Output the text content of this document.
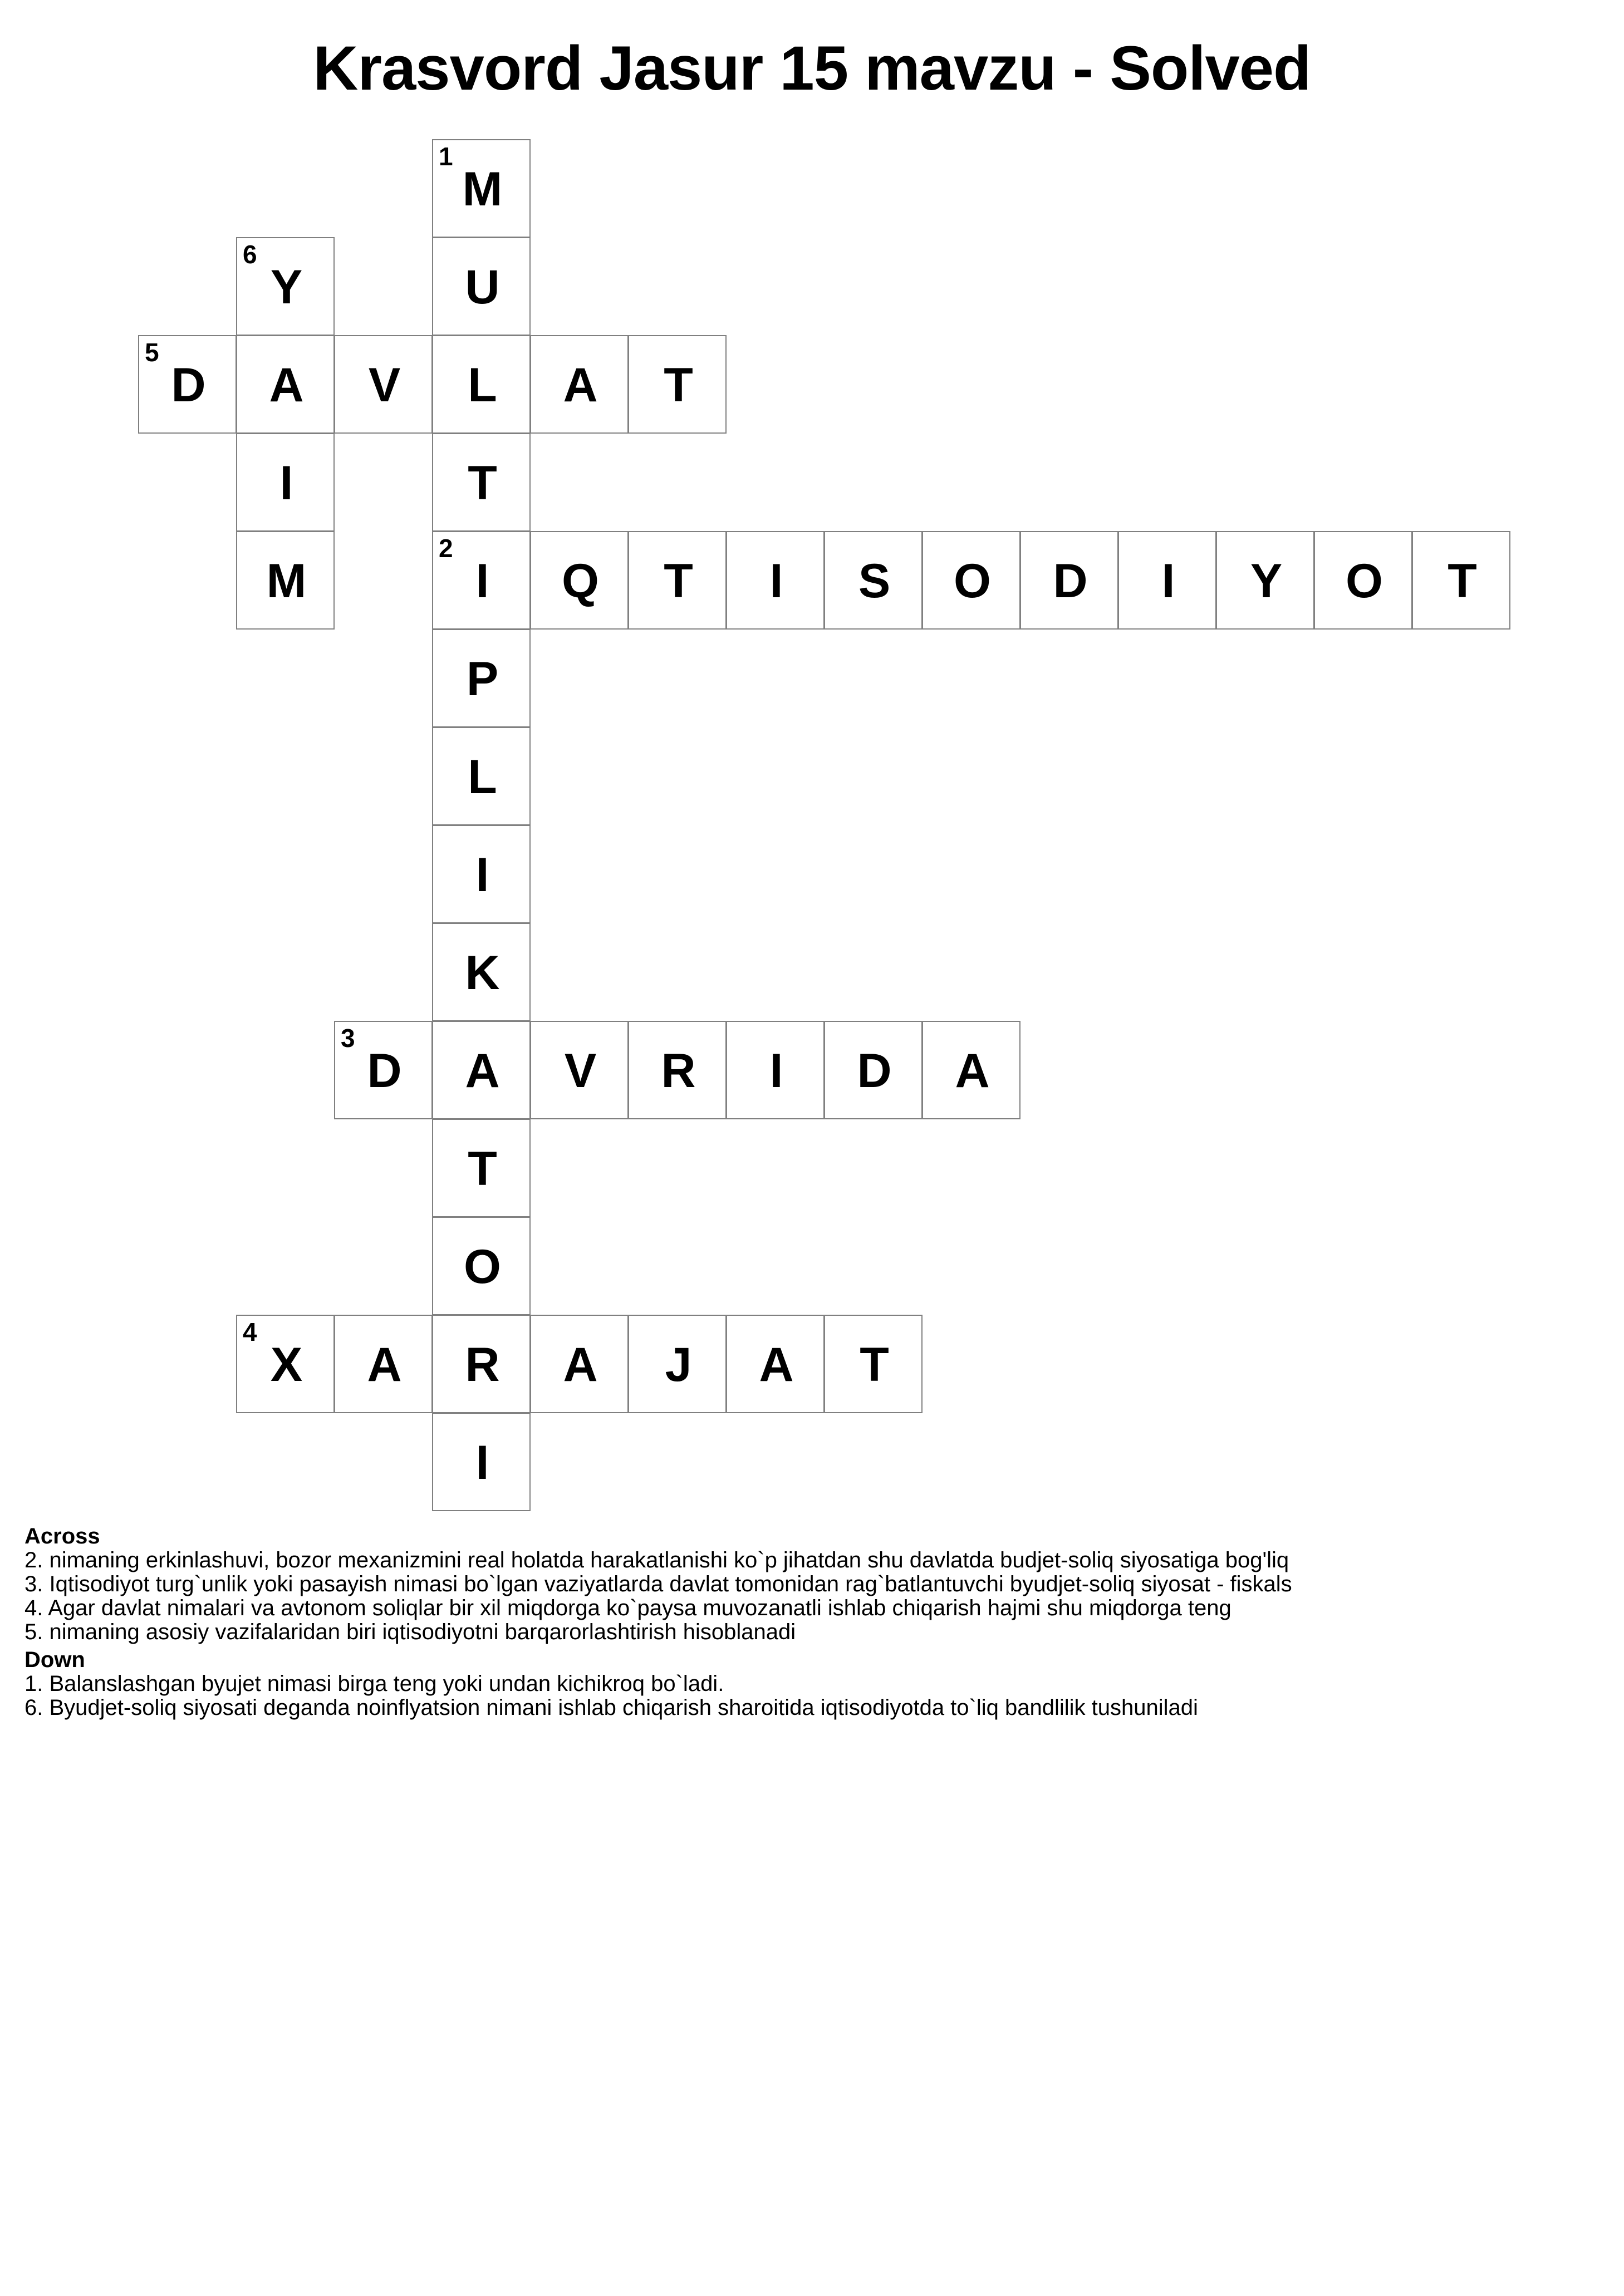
Krasvord Jasur 15 mavzu - Solved
1
M
U
L
T
2
I
P
L
I
K
A
T
O
R
I
Q	T	I	S	O	D	I	Y	O	T
3
D	V	R	I	D	A
4
X	A	A	J	A	T
5
D	A	V	A	T
6
Y
I
M
Across
2. nimaning erkinlashuvi, bozor mexanizmini real holatda harakatlanishi ko`p jihatdan shu davlatda budjet-soliq siyosatiga bog'liq
3. Iqtisodiyot turg`unlik yoki pasayish nimasi bo`lgan vaziyatlarda davlat tomonidan rag`batlantuvchi byudjet-soliq siyosat - fiskals
4. Agar davlat nimalari va avtonom soliqlar bir xil miqdorga ko`paysa muvozanatli ishlab chiqarish hajmi shu miqdorga teng
5. nimaning asosiy vazifalaridan biri iqtisodiyotni barqarorlashtirish hisoblanadi
Down
1. Balanslashgan byujet nimasi birga teng yoki undan kichikroq bo`ladi.
6. Byudjet-soliq siyosati deganda noinflyatsion nimani ishlab chiqarish sharoitida iqtisodiyotda to`liq bandlilik tushuniladi
